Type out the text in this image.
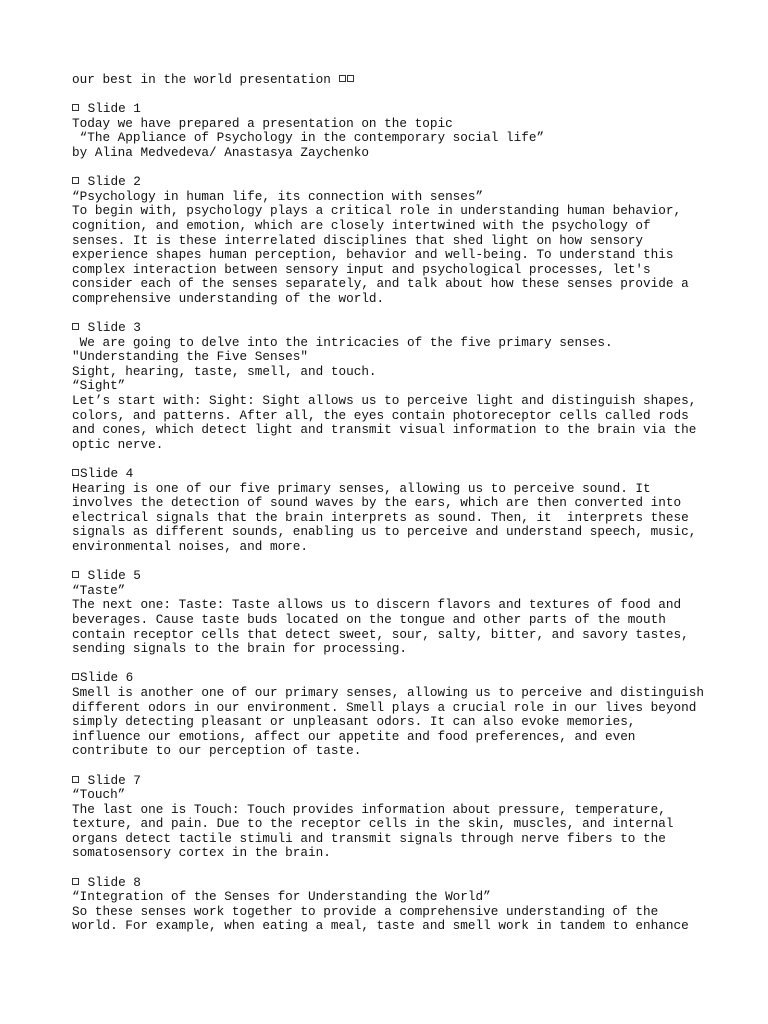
our best in the world presentation
Slide 1
Today we have prepared a presentation on the topic
“The Appliance of Psychology in the contemporary social life”
by Alina Medvedeva/ Anastasya Zaychenko
Slide 2
“Psychology in human life, its connection with senses”
To begin with, psychology plays a critical role in understanding human behavior,
cognition, and emotion, which are closely intertwined with the psychology of
senses. It is these interrelated disciplines that shed light on how sensory
experience shapes human perception, behavior and well-being. To understand this
complex interaction between sensory input and psychological processes, let's
consider each of the senses separately, and talk about how these senses provide a
comprehensive understanding of the world.
Slide 3
We are going to delve into the intricacies of the five primary senses.
"Understanding the Five Senses"
Sight, hearing, taste, smell, and touch.
“Sight”
Let’s start with: Sight: Sight allows us to perceive light and distinguish shapes,
colors, and patterns. After all, the eyes contain photoreceptor cells called rods
and cones, which detect light and transmit visual information to the brain via the
optic nerve.
Slide 4
Hearing is one of our five primary senses, allowing us to perceive sound. It
involves the detection of sound waves by the ears, which are then converted into
electrical signals that the brain interprets as sound. Then, it  interprets these
signals as different sounds, enabling us to perceive and understand speech, music,
environmental noises, and more.
Slide 5
“Taste”
The next one: Taste: Taste allows us to discern flavors and textures of food and
beverages. Cause taste buds located on the tongue and other parts of the mouth
contain receptor cells that detect sweet, sour, salty, bitter, and savory tastes,
sending signals to the brain for processing.
Slide 6
Smell is another one of our primary senses, allowing us to perceive and distinguish
different odors in our environment. Smell plays a crucial role in our lives beyond
simply detecting pleasant or unpleasant odors. It can also evoke memories,
influence our emotions, affect our appetite and food preferences, and even
contribute to our perception of taste.
Slide 7
“Touch”
The last one is Touch: Touch provides information about pressure, temperature,
texture, and pain. Due to the receptor cells in the skin, muscles, and internal
organs detect tactile stimuli and transmit signals through nerve fibers to the
somatosensory cortex in the brain.
Slide 8
“Integration of the Senses for Understanding the World”
So these senses work together to provide a comprehensive understanding of the
world. For example, when eating a meal, taste and smell work in tandem to enhance
